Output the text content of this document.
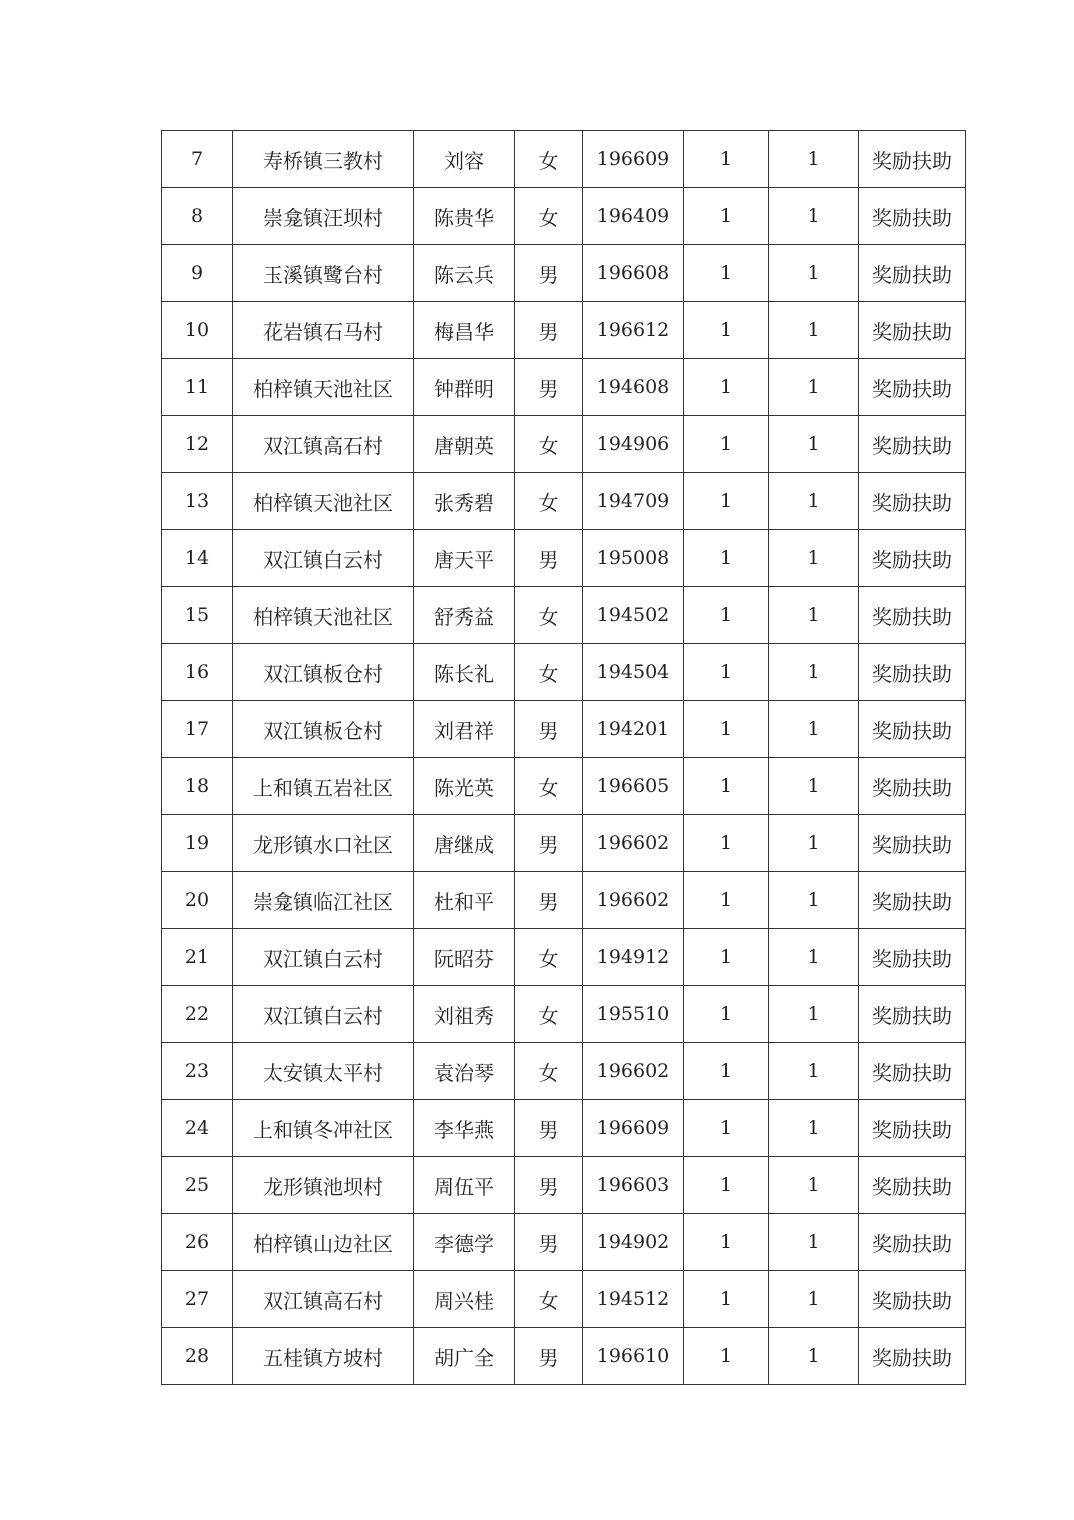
7	寿桥镇三教村	刘容	女	196609	1	1	奖励扶助
8	崇龛镇汪坝村	陈贵华	女	196409	1	1	奖励扶助
9	玉溪镇鹭台村	陈云兵	男	196608	1	1	奖励扶助
10	花岩镇石马村	梅昌华	男	196612	1	1	奖励扶助
11	柏梓镇天池社区	钟群明	男	194608	1	1	奖励扶助
12	双江镇高石村	唐朝英	女	194906	1	1	奖励扶助
13	柏梓镇天池社区	张秀碧	女	194709	1	1	奖励扶助
14	双江镇白云村	唐天平	男	195008	1	1	奖励扶助
15	柏梓镇天池社区	舒秀益	女	194502	1	1	奖励扶助
16	双江镇板仓村	陈长礼	女	194504	1	1	奖励扶助
17	双江镇板仓村	刘君祥	男	194201	1	1	奖励扶助
18	上和镇五岩社区	陈光英	女	196605	1	1	奖励扶助
19	龙形镇水口社区	唐继成	男	196602	1	1	奖励扶助
20	崇龛镇临江社区	杜和平	男	196602	1	1	奖励扶助
21	双江镇白云村	阮昭芬	女	194912	1	1	奖励扶助
22	双江镇白云村	刘祖秀	女	195510	1	1	奖励扶助
23	太安镇太平村	袁治琴	女	196602	1	1	奖励扶助
24	上和镇冬冲社区	李华燕	男	196609	1	1	奖励扶助
25	龙形镇池坝村	周伍平	男	196603	1	1	奖励扶助
26	柏梓镇山边社区	李德学	男	194902	1	1	奖励扶助
27	双江镇高石村	周兴桂	女	194512	1	1	奖励扶助
28	五桂镇方坡村	胡广全	男	196610	1	1	奖励扶助
